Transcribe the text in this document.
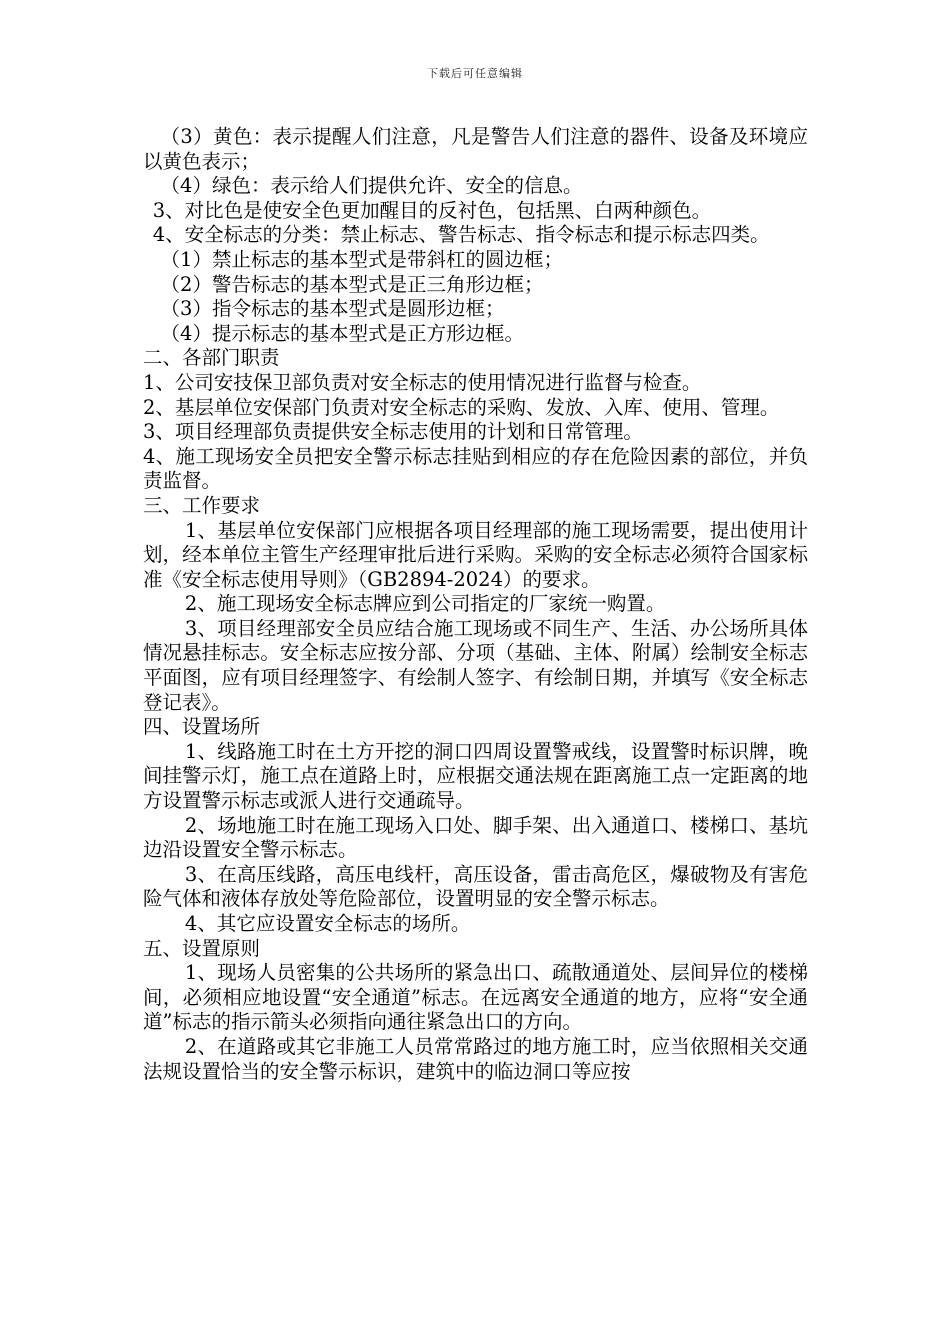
下载后可任意编辑

（3）黄色：表示提醒人们注意，凡是警告人们注意的器件、设备及环境应以黄色表示；

（4）绿色：表示给人们提供允许、安全的信息。

3、对比色是使安全色更加醒目的反衬色，包括黑、白两种颜色。

4、安全标志的分类：禁止标志、警告标志、指令标志和提示标志四类。

（1）禁止标志的基本型式是带斜杠的圆边框；

（2）警告标志的基本型式是正三角形边框；

（3）指令标志的基本型式是圆形边框；

（4）提示标志的基本型式是正方形边框。

二、各部门职责

1、公司安技保卫部负责对安全标志的使用情况进行监督与检查。

2、基层单位安保部门负责对安全标志的采购、发放、入库、使用、管理。

3、项目经理部负责提供安全标志使用的计划和日常管理。

4、施工现场安全员把安全警示标志挂贴到相应的存在危险因素的部位，并负责监督。

三、工作要求

1、基层单位安保部门应根据各项目经理部的施工现场需要，提出使用计划，经本单位主管生产经理审批后进行采购。采购的安全标志必须符合国家标准《安全标志使用导则》（GB2894-2024）的要求。

2、施工现场安全标志牌应到公司指定的厂家统一购置。

3、项目经理部安全员应结合施工现场或不同生产、生活、办公场所具体情况悬挂标志。安全标志应按分部、分项（基础、主体、附属）绘制安全标志平面图，应有项目经理签字、有绘制人签字、有绘制日期，并填写《安全标志登记表》。

四、设置场所

1、线路施工时在土方开挖的洞口四周设置警戒线，设置警时标识牌，晚间挂警示灯，施工点在道路上时，应根据交通法规在距离施工点一定距离的地方设置警示标志或派人进行交通疏导。

2、场地施工时在施工现场入口处、脚手架、出入通道口、楼梯口、基坑边沿设置安全警示标志。

3、在高压线路，高压电线杆，高压设备，雷击高危区，爆破物及有害危险气体和液体存放处等危险部位，设置明显的安全警示标志。

4、其它应设置安全标志的场所。

五、设置原则

1、现场人员密集的公共场所的紧急出口、疏散通道处、层间异位的楼梯间，必须相应地设置“安全通道”标志。在远离安全通道的地方，应将“安全通道”标志的指示箭头必须指向通往紧急出口的方向。

2、在道路或其它非施工人员常常路过的地方施工时，应当依照相关交通法规设置恰当的安全警示标识，建筑中的临边洞口等应按
